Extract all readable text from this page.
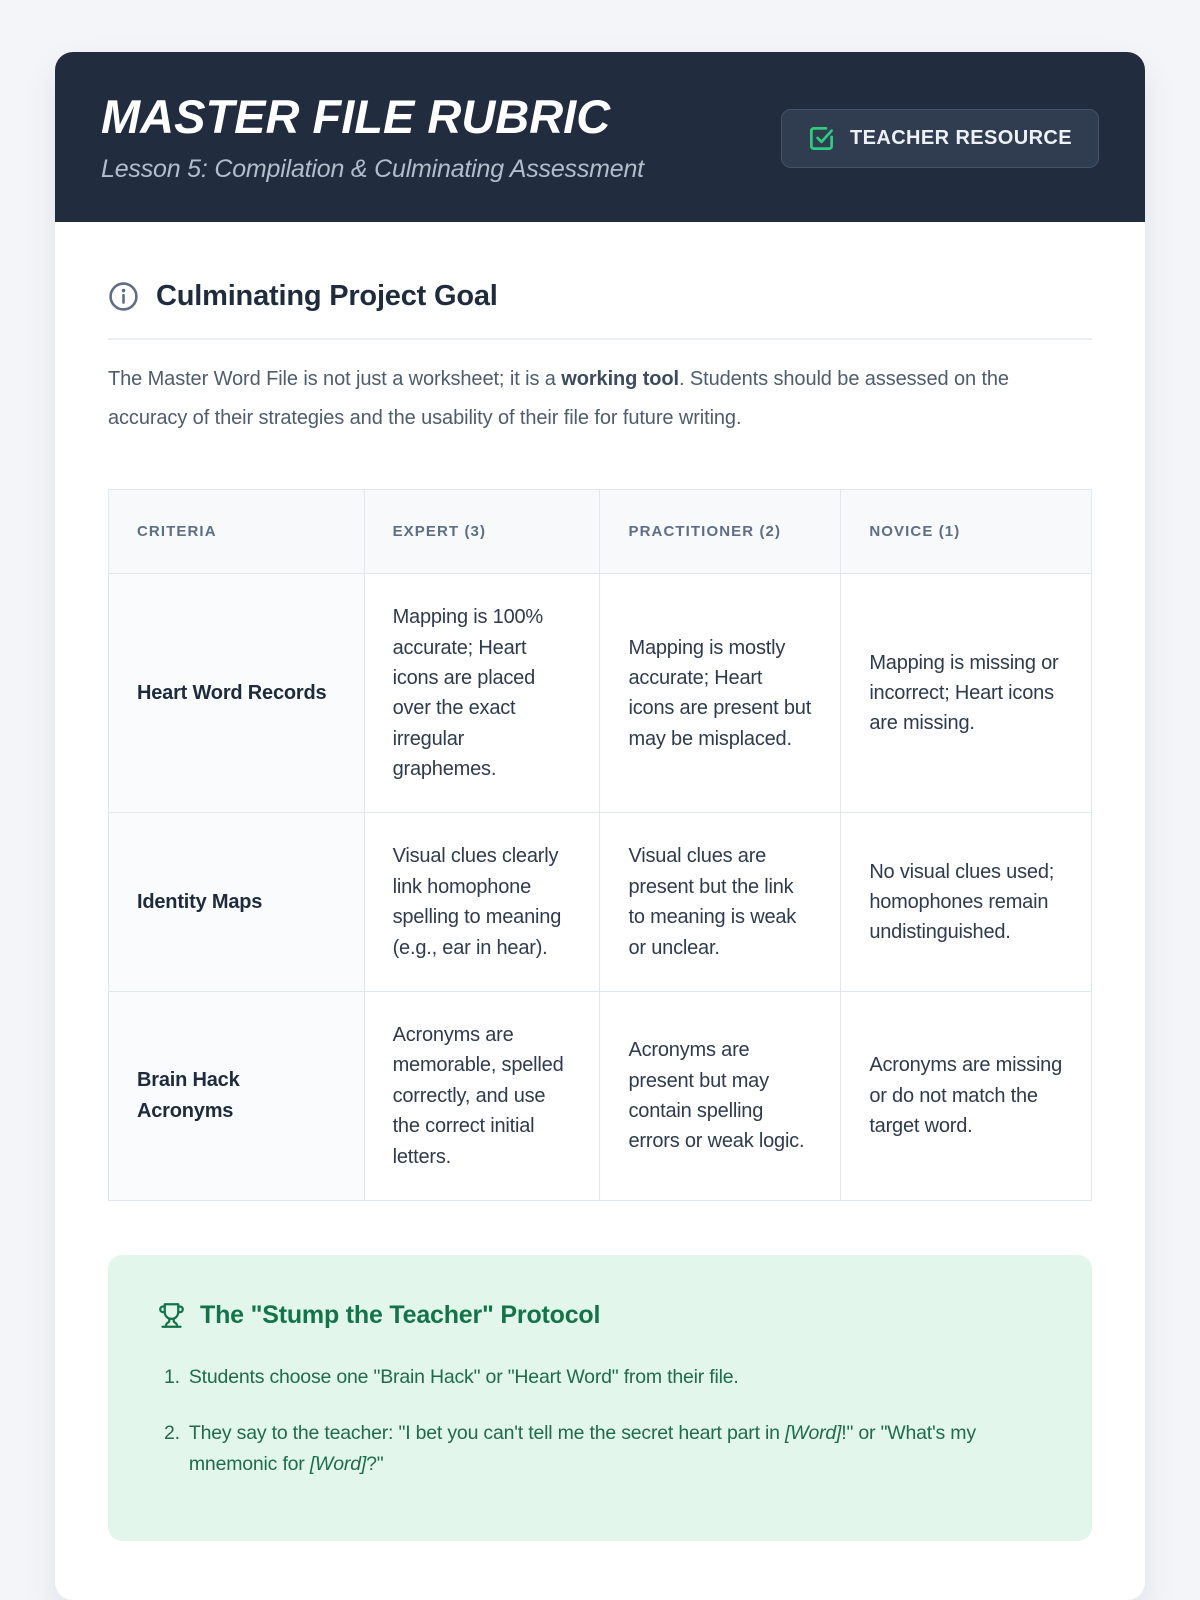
MASTER FILE RUBRIC
Lesson 5: Compilation & Culminating Assessment
TEACHER RESOURCE
Culminating Project Goal

The Master Word File is not just a worksheet; it is a working tool. Students should be assessed on the accuracy of their strategies and the usability of their file for future writing.

CRITERIA	EXPERT (3)	PRACTITIONER (2)	NOVICE (1)
Heart Word Records	Mapping is 100% accurate; Heart icons are placed over the exact irregular graphemes.	Mapping is mostly accurate; Heart icons are present but may be misplaced.	Mapping is missing or incorrect; Heart icons are missing.
Identity Maps	Visual clues clearly link homophone spelling to meaning (e.g., ear in hear).	Visual clues are present but the link to meaning is weak or unclear.	No visual clues used; homophones remain undistinguished.
Brain Hack Acronyms	Acronyms are memorable, spelled correctly, and use the correct initial letters.	Acronyms are present but may contain spelling errors or weak logic.	Acronyms are missing or do not match the target word.
The "Stump the Teacher" Protocol
1. Students choose one "Brain Hack" or "Heart Word" from their file.
2. They say to the teacher: "I bet you can't tell me the secret heart part in [Word]!" or "What's my mnemonic for [Word]?"
